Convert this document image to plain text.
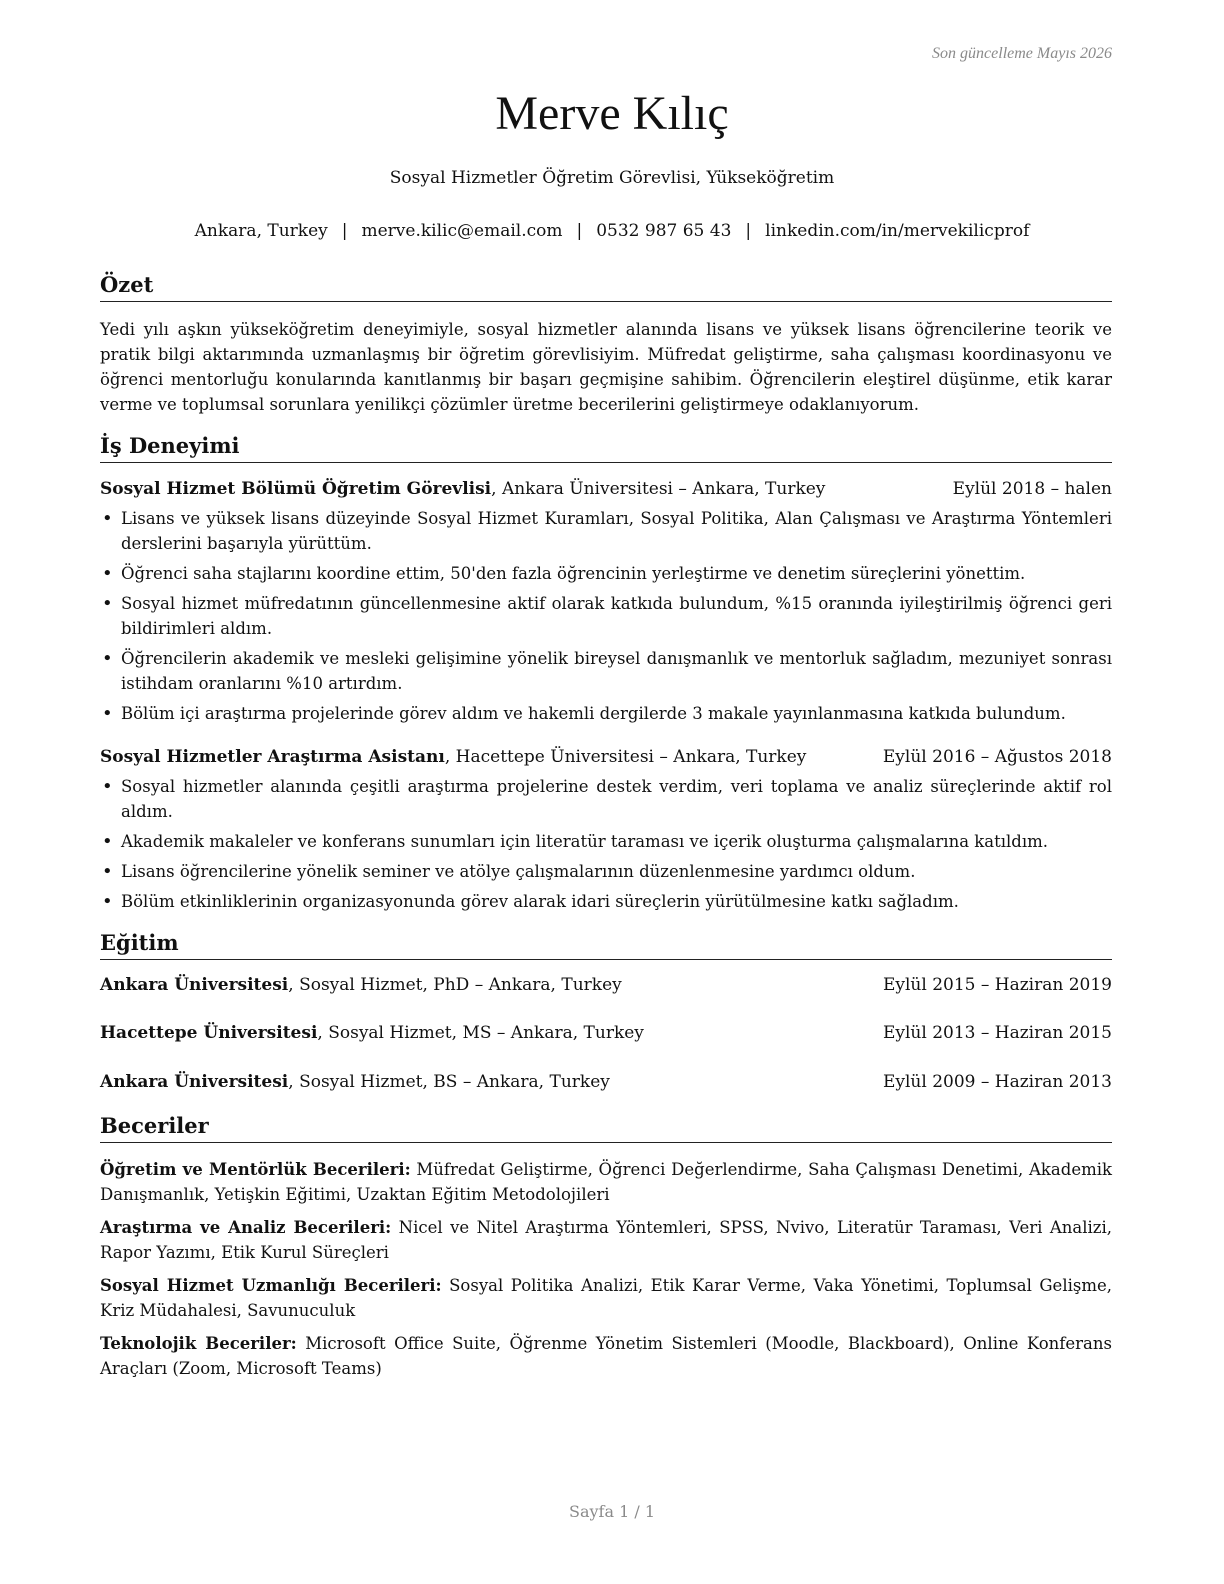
Son güncelleme Mayıs 2026
Merve Kılıç
Sosyal Hizmetler Öğretim Görevlisi, Yükseköğretim
Ankara, Turkey | merve.kilic@email.com | 0532 987 65 43 | linkedin.com/in/mervekilicprof
Özet

Yedi yılı aşkın yükseköğretim deneyimiyle, sosyal hizmetler alanında lisans ve yüksek lisans öğrencilerine teorik ve pratik bilgi aktarımında uzmanlaşmış bir öğretim görevlisiyim. Müfredat geliştirme, saha çalışması koordinasyonu ve öğrenci mentorluğu konularında kanıtlanmış bir başarı geçmişine sahibim. Öğrencilerin eleştirel düşünme, etik karar verme ve toplumsal sorunlara yenilikçi çözümler üretme becerilerini geliştirmeye odaklanıyorum.

İş Deneyimi
Sosyal Hizmet Bölümü Öğretim Görevlisi, Ankara Üniversitesi – Ankara, Turkey	Eylül 2018 – halen
• Lisans ve yüksek lisans düzeyinde Sosyal Hizmet Kuramları, Sosyal Politika, Alan Çalışması ve Araştırma Yöntemleri derslerini başarıyla yürüttüm.
• Öğrenci saha stajlarını koordine ettim, 50'den fazla öğrencinin yerleştirme ve denetim süreçlerini yönettim.
• Sosyal hizmet müfredatının güncellenmesine aktif olarak katkıda bulundum, %15 oranında iyileştirilmiş öğrenci geri bildirimleri aldım.
• Öğrencilerin akademik ve mesleki gelişimine yönelik bireysel danışmanlık ve mentorluk sağladım, mezuniyet sonrası istihdam oranlarını %10 artırdım.
• Bölüm içi araştırma projelerinde görev aldım ve hakemli dergilerde 3 makale yayınlanmasına katkıda bulundum.
Sosyal Hizmetler Araştırma Asistanı, Hacettepe Üniversitesi – Ankara, Turkey	Eylül 2016 – Ağustos 2018
• Sosyal hizmetler alanında çeşitli araştırma projelerine destek verdim, veri toplama ve analiz süreçlerinde aktif rol aldım.
• Akademik makaleler ve konferans sunumları için literatür taraması ve içerik oluşturma çalışmalarına katıldım.
• Lisans öğrencilerine yönelik seminer ve atölye çalışmalarının düzenlenmesine yardımcı oldum.
• Bölüm etkinliklerinin organizasyonunda görev alarak idari süreçlerin yürütülmesine katkı sağladım.
Eğitim
Ankara Üniversitesi, Sosyal Hizmet, PhD – Ankara, Turkey	Eylül 2015 – Haziran 2019
Hacettepe Üniversitesi, Sosyal Hizmet, MS – Ankara, Turkey	Eylül 2013 – Haziran 2015
Ankara Üniversitesi, Sosyal Hizmet, BS – Ankara, Turkey	Eylül 2009 – Haziran 2013
Beceriler
Öğretim ve Mentörlük Becerileri: Müfredat Geliştirme, Öğrenci Değerlendirme, Saha Çalışması Denetimi, Akademik Danışmanlık, Yetişkin Eğitimi, Uzaktan Eğitim Metodolojileri
Araştırma ve Analiz Becerileri: Nicel ve Nitel Araştırma Yöntemleri, SPSS, Nvivo, Literatür Taraması, Veri Analizi, Rapor Yazımı, Etik Kurul Süreçleri
Sosyal Hizmet Uzmanlığı Becerileri: Sosyal Politika Analizi, Etik Karar Verme, Vaka Yönetimi, Toplumsal Gelişme, Kriz Müdahalesi, Savunuculuk
Teknolojik Beceriler: Microsoft Office Suite, Öğrenme Yönetim Sistemleri (Moodle, Blackboard), Online Konferans Araçları (Zoom, Microsoft Teams)
Sayfa 1 / 1
